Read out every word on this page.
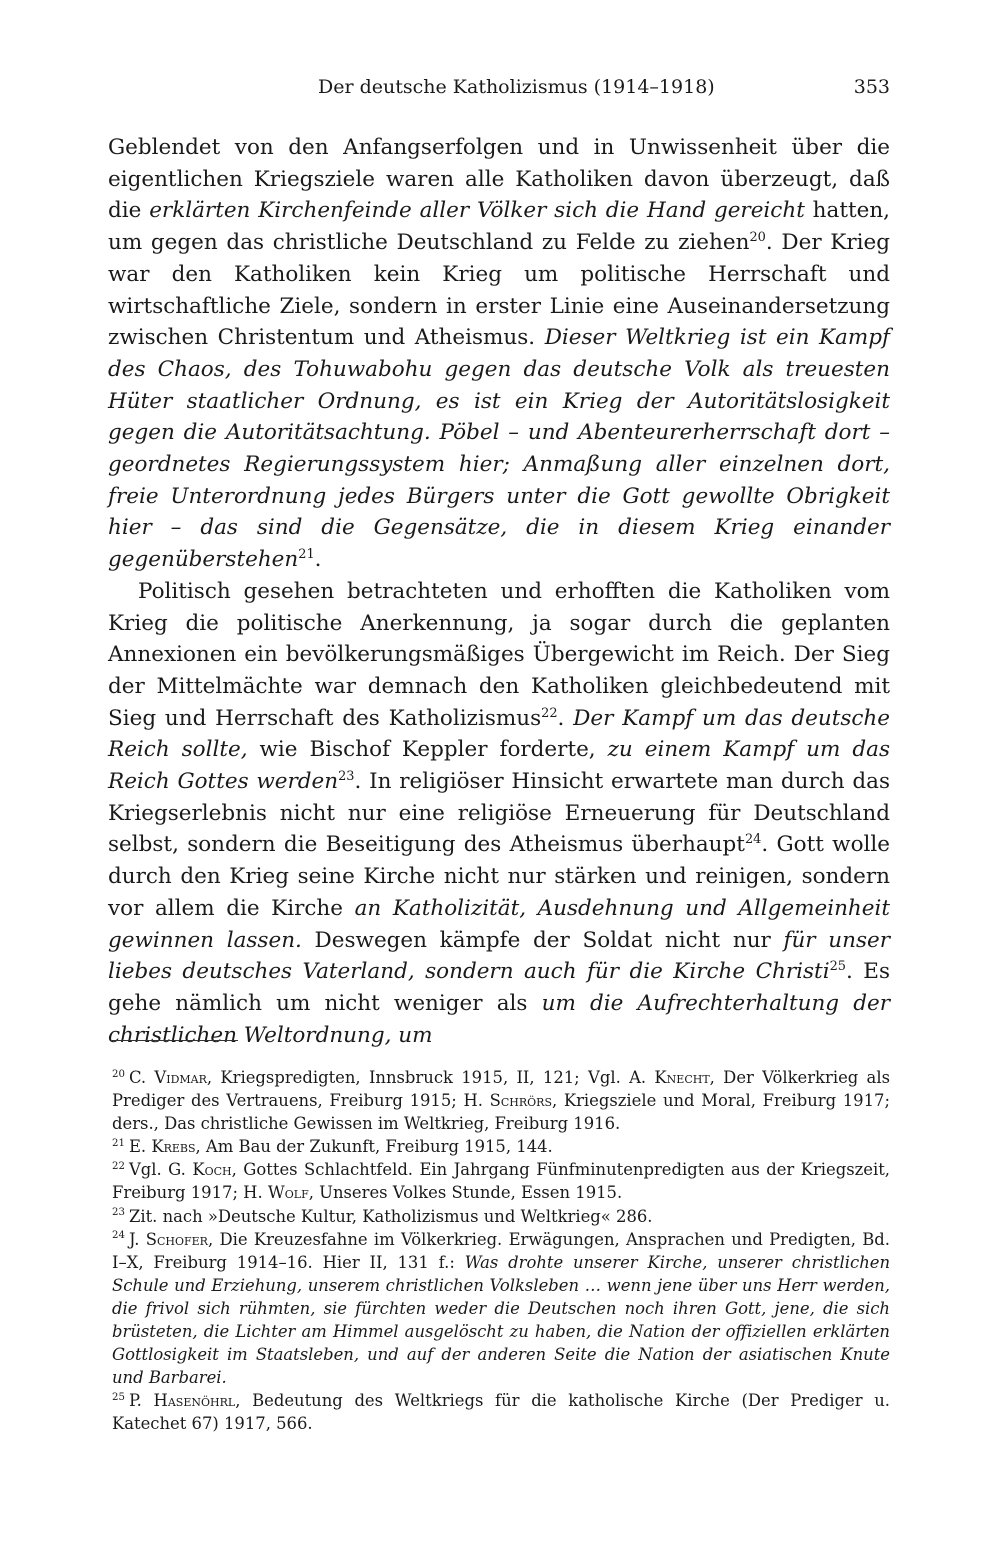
Der deutsche Katholizismus (1914–1918)	353

Geblendet von den Anfangserfolgen und in Unwissenheit über die eigentlichen Kriegsziele waren alle Katholiken davon überzeugt, daß die erklärten Kirchenfeinde aller Völker sich die Hand gereicht hatten, um gegen das christliche Deutschland zu Felde zu ziehen$^{20}$. Der Krieg war den Katholiken kein Krieg um politische Herrschaft und wirtschaftliche Ziele, sondern in erster Linie eine Auseinandersetzung zwischen Christentum und Atheismus. Dieser Weltkrieg ist ein Kampf des Chaos, des Tohuwabohu gegen das deutsche Volk als treuesten Hüter staatlicher Ordnung, es ist ein Krieg der Autoritätslosigkeit gegen die Autoritätsachtung. Pöbel – und Abenteurerherrschaft dort – geordnetes Regierungssystem hier; Anmaßung aller einzelnen dort, freie Unterordnung jedes Bürgers unter die Gott gewollte Obrigkeit hier – das sind die Gegensätze, die in diesem Krieg einander gegenüberstehen$^{21}$.

Politisch gesehen betrachteten und erhofften die Katholiken vom Krieg die politische Anerkennung, ja sogar durch die geplanten Annexionen ein bevölkerungsmäßiges Übergewicht im Reich. Der Sieg der Mittelmächte war demnach den Katholiken gleichbedeutend mit Sieg und Herrschaft des Katholizismus$^{22}$. Der Kampf um das deutsche Reich sollte, wie Bischof Keppler forderte, zu einem Kampf um das Reich Gottes werden$^{23}$. In religiöser Hinsicht erwartete man durch das Kriegserlebnis nicht nur eine religiöse Erneuerung für Deutschland selbst, sondern die Beseitigung des Atheismus überhaupt$^{24}$. Gott wolle durch den Krieg seine Kirche nicht nur stärken und reinigen, sondern vor allem die Kirche an Katholizität, Ausdehnung und Allgemeinheit gewinnen lassen. Deswegen kämpfe der Soldat nicht nur für unser liebes deutsches Vaterland, sondern auch für die Kirche Christi$^{25}$. Es gehe nämlich um nicht weniger als um die Aufrechterhaltung der christlichen Weltordnung, um

$^{20}$ C. Vidmar, Kriegspredigten, Innsbruck 1915, II, 121; Vgl. A. Knecht, Der Völkerkrieg als Prediger des Vertrauens, Freiburg 1915; H. Schrörs, Kriegsziele und Moral, Freiburg 1917; ders., Das christliche Gewissen im Weltkrieg, Freiburg 1916.

$^{21}$ E. Krebs, Am Bau der Zukunft, Freiburg 1915, 144.

$^{22}$ Vgl. G. Koch, Gottes Schlachtfeld. Ein Jahrgang Fünfminutenpredigten aus der Kriegszeit, Freiburg 1917; H. Wolf, Unseres Volkes Stunde, Essen 1915.

$^{23}$ Zit. nach »Deutsche Kultur, Katholizismus und Weltkrieg« 286.

$^{24}$ J. Schofer, Die Kreuzesfahne im Völkerkrieg. Erwägungen, Ansprachen und Predigten, Bd. I–X, Freiburg 1914–16. Hier II, 131 f.: Was drohte unserer Kirche, unserer christlichen Schule und Erziehung, unserem christlichen Volksleben … wenn jene über uns Herr werden, die frivol sich rühmten, sie fürchten weder die Deutschen noch ihren Gott, jene, die sich brüsteten, die Lichter am Himmel ausgelöscht zu haben, die Nation der offiziellen erklärten Gottlosigkeit im Staatsleben, und auf der anderen Seite die Nation der asiatischen Knute und Barbarei.

$^{25}$ P. Hasenöhrl, Bedeutung des Weltkriegs für die katholische Kirche (Der Prediger u. Katechet 67) 1917, 566.
